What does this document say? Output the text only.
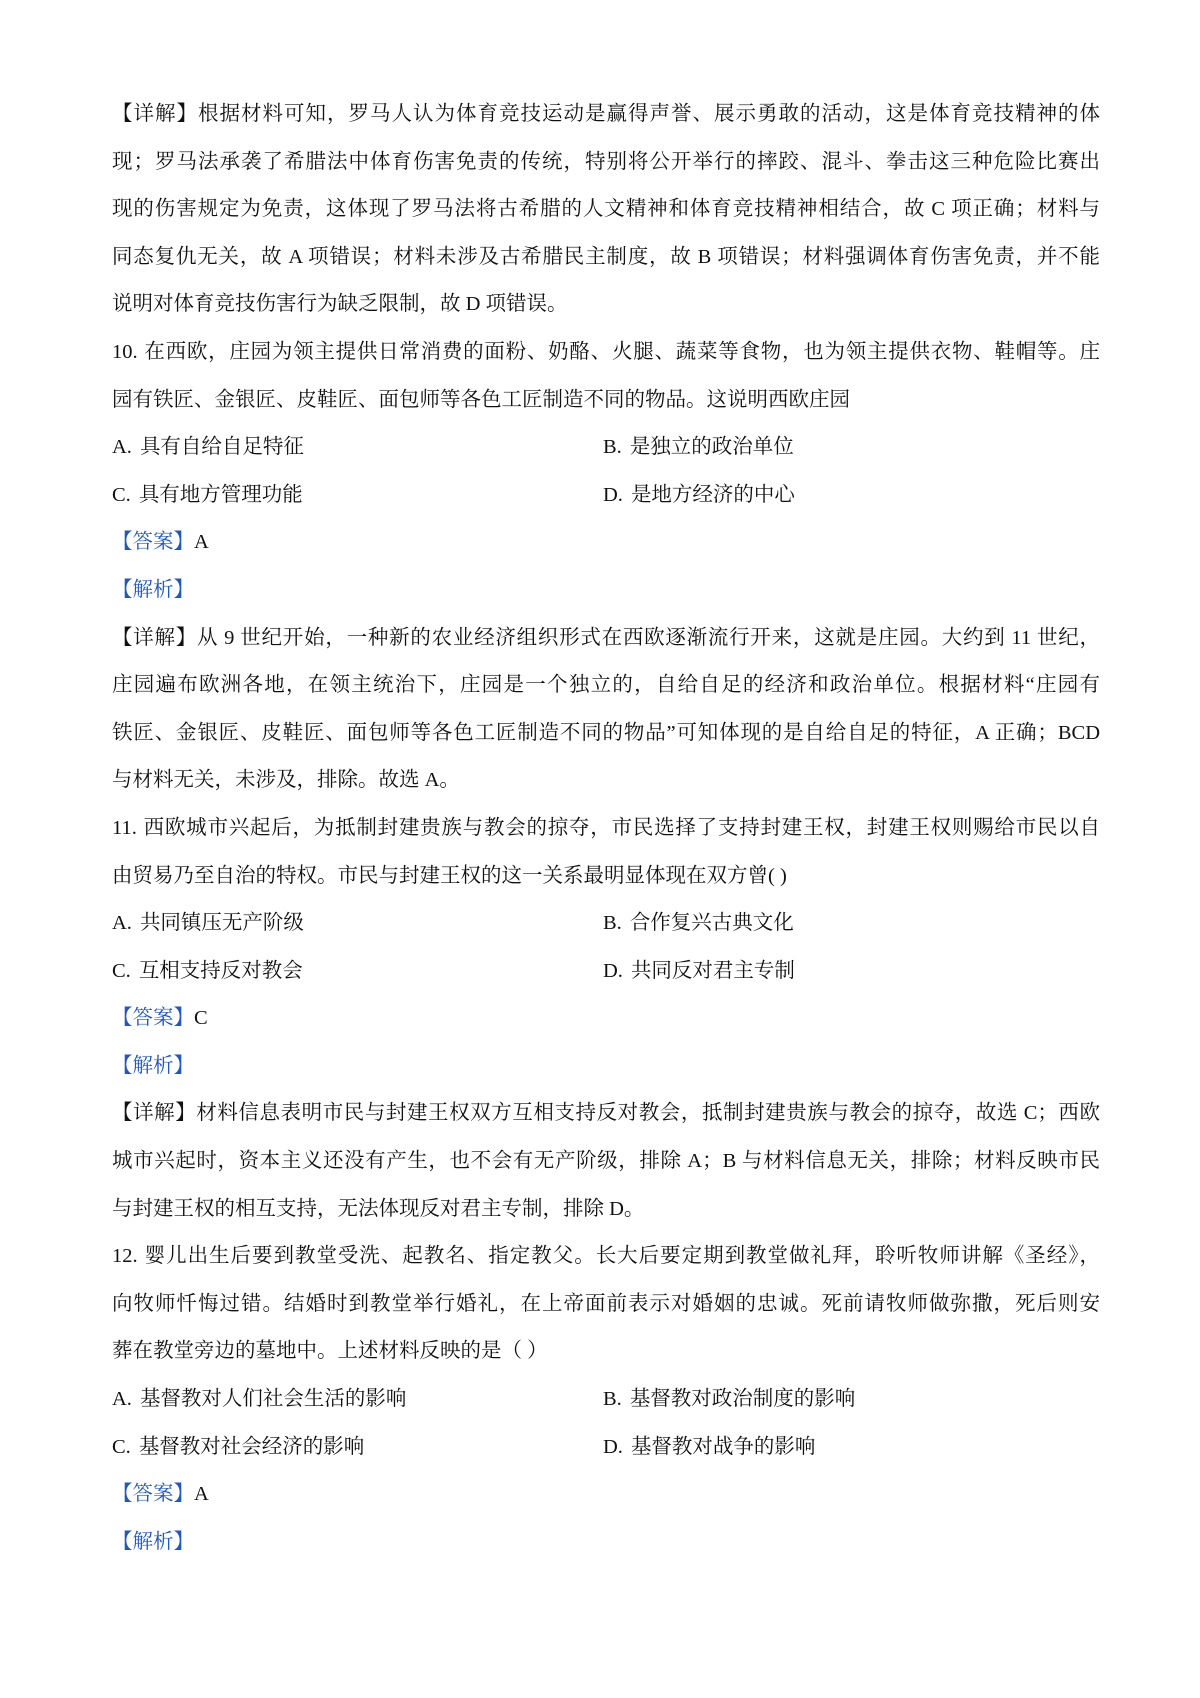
【详解】根据材料可知，罗马人认为体育竞技运动是赢得声誉、展示勇敢的活动，这是体育竞技精神的体
现；罗马法承袭了希腊法中体育伤害免责的传统，特别将公开举行的摔跤、混斗、拳击这三种危险比赛出
现的伤害规定为免责，这体现了罗马法将古希腊的人文精神和体育竞技精神相结合，故 C 项正确；材料与
同态复仇无关，故 A 项错误；材料未涉及古希腊民主制度，故 B 项错误；材料强调体育伤害免责，并不能
说明对体育竞技伤害行为缺乏限制，故 D 项错误。
10. 在西欧，庄园为领主提供日常消费的面粉、奶酪、火腿、蔬菜等食物，也为领主提供衣物、鞋帽等。庄
园有铁匠、金银匠、皮鞋匠、面包师等各色工匠制造不同的物品。这说明西欧庄园
A. 具有自给自足特征	B. 是独立的政治单位
C. 具有地方管理功能	D. 是地方经济的中心
【答案】A
【解析】
【详解】从 9 世纪开始，一种新的农业经济组织形式在西欧逐渐流行开来，这就是庄园。大约到 11 世纪，
庄园遍布欧洲各地，在领主统治下，庄园是一个独立的，自给自足的经济和政治单位。根据材料“庄园有
铁匠、金银匠、皮鞋匠、面包师等各色工匠制造不同的物品”可知体现的是自给自足的特征，A 正确；BCD
与材料无关，未涉及，排除。故选 A。
11. 西欧城市兴起后，为抵制封建贵族与教会的掠夺，市民选择了支持封建王权，封建王权则赐给市民以自
由贸易乃至自治的特权。市民与封建王权的这一关系最明显体现在双方曾( )
A. 共同镇压无产阶级	B. 合作复兴古典文化
C. 互相支持反对教会	D. 共同反对君主专制
【答案】C
【解析】
【详解】材料信息表明市民与封建王权双方互相支持反对教会，抵制封建贵族与教会的掠夺，故选 C；西欧
城市兴起时，资本主义还没有产生，也不会有无产阶级，排除 A；B 与材料信息无关，排除；材料反映市民
与封建王权的相互支持，无法体现反对君主专制，排除 D。
12. 婴儿出生后要到教堂受洗、起教名、指定教父。长大后要定期到教堂做礼拜，聆听牧师讲解《圣经》，
向牧师忏悔过错。结婚时到教堂举行婚礼，在上帝面前表示对婚姻的忠诚。死前请牧师做弥撒，死后则安
葬在教堂旁边的墓地中。上述材料反映的是（ ）
A. 基督教对人们社会生活的影响	B. 基督教对政治制度的影响
C. 基督教对社会经济的影响	D. 基督教对战争的影响
【答案】A
【解析】
